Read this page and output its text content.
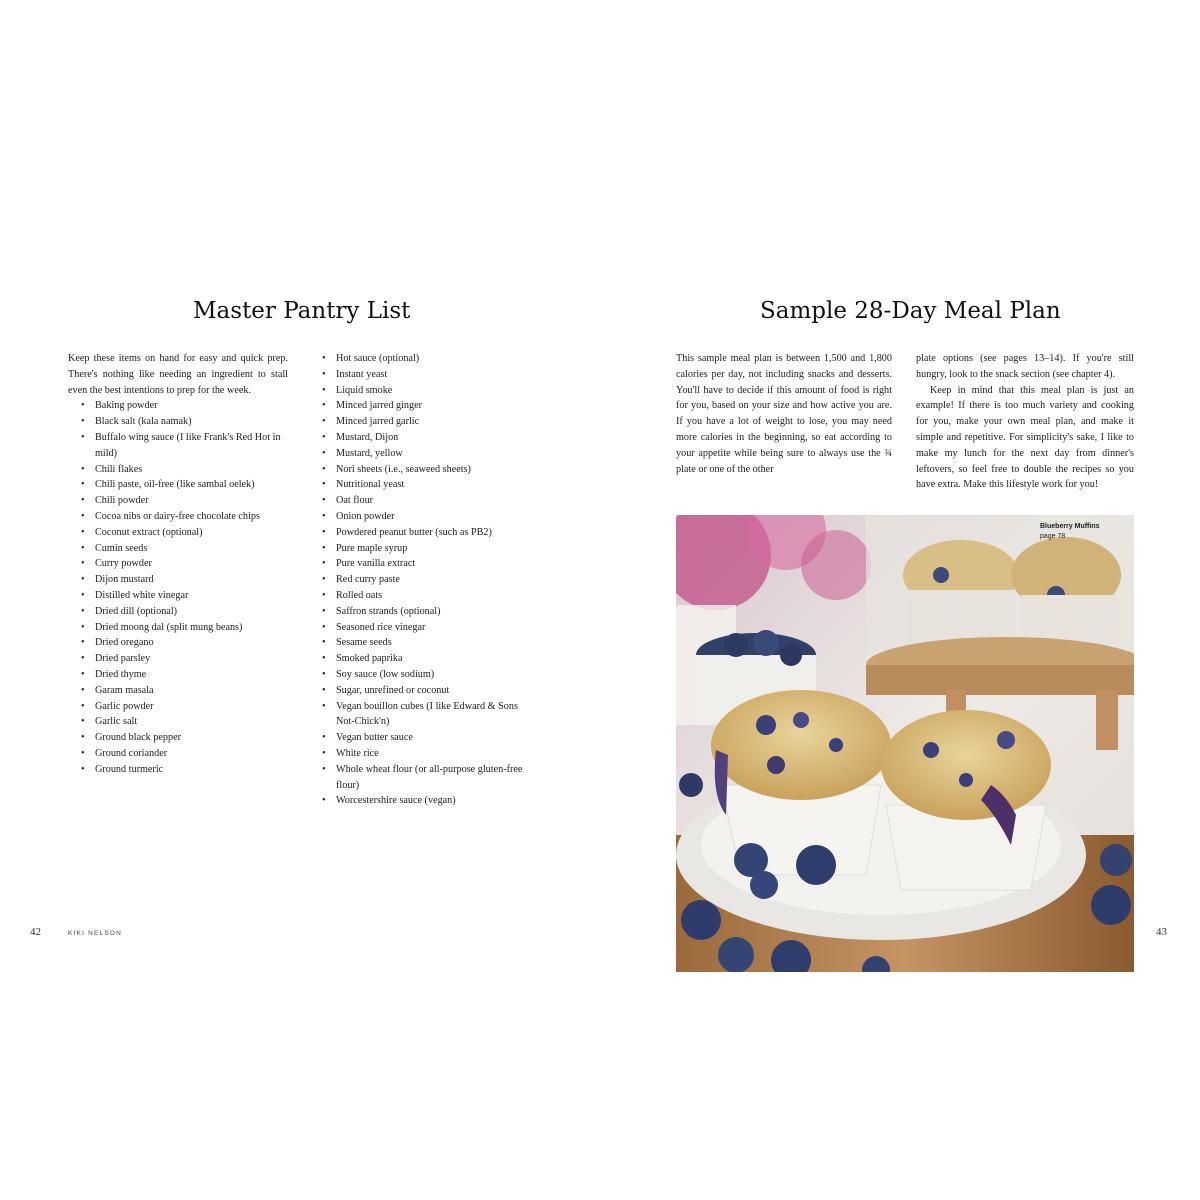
Master Pantry List

Keep these items on hand for easy and quick prep. There's nothing like needing an ingredient to stall even the best intentions to prep for the week.

• Baking powder
• Black salt (kala namak)
• Buffalo wing sauce (I like Frank's Red Hot in mild)
• Chili flakes
• Chili paste, oil-free (like sambal oelek)
• Chili powder
• Cocoa nibs or dairy-free chocolate chips
• Coconut extract (optional)
• Cumin seeds
• Curry powder
• Dijon mustard
• Distilled white vinegar
• Dried dill (optional)
• Dried moong dal (split mung beans)
• Dried oregano
• Dried parsley
• Dried thyme
• Garam masala
• Garlic powder
• Garlic salt
• Ground black pepper
• Ground coriander
• Ground turmeric
• Hot sauce (optional)
• Instant yeast
• Liquid smoke
• Minced jarred ginger
• Minced jarred garlic
• Mustard, Dijon
• Mustard, yellow
• Nori sheets (i.e., seaweed sheets)
• Nutritional yeast
• Oat flour
• Onion powder
• Powdered peanut butter (such as PB2)
• Pure maple syrup
• Pure vanilla extract
• Red curry paste
• Rolled oats
• Saffron strands (optional)
• Seasoned rice vinegar
• Sesame seeds
• Smoked paprika
• Soy sauce (low sodium)
• Sugar, unrefined or coconut
• Vegan bouillon cubes (I like Edward & Sons Not-Chick'n)
• Vegan butter sauce
• White rice
• Whole wheat flour (or all-purpose gluten-free flour)
• Worcestershire sauce (vegan)
42	KIKI NELSON
Sample 28-Day Meal Plan

This sample meal plan is between 1,500 and 1,800 calories per day, not including snacks and desserts. You'll have to decide if this amount of food is right for you, based on your size and how active you are. If you have a lot of weight to lose, you may need more calories in the beginning, so eat according to your appetite while being sure to always use the ¾ plate or one of the other

plate options (see pages 13–14). If you're still hungry, look to the snack section (see chapter 4).

Keep in mind that this meal plan is just an example! If there is too much variety and cooking for you, make your own meal plan, and make it simple and repetitive. For simplicity's sake, I like to make my lunch for the next day from dinner's leftovers, so feel free to double the recipes so you have extra. Make this lifestyle work for you!

43
Blueberry Muffins
page 78
